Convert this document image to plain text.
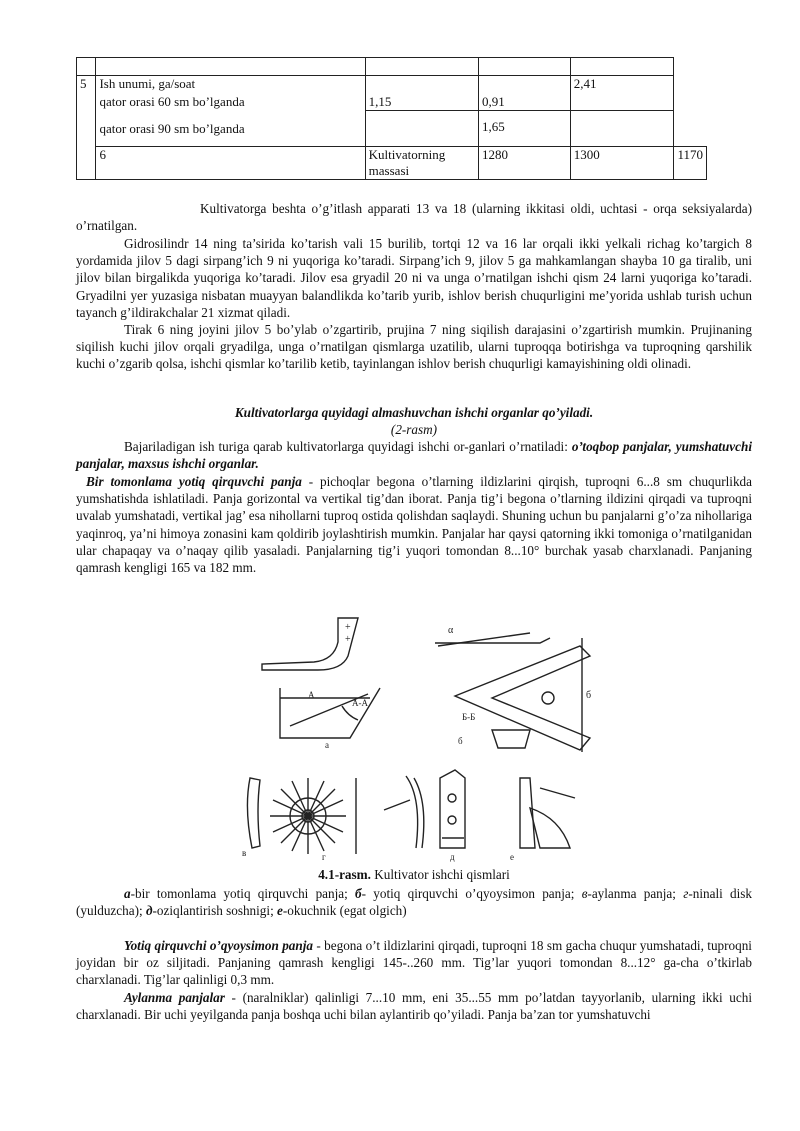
5	Ish unumi, ga/soat
qator orasi 60 sm bo’lganda	1,15	0,91	2,41	
	qator orasi 90 sm bo’lganda		1,65		
	6	Kultivatorning massasi	1280	1300	1170
Kultivatorga beshta o’g’itlash apparati 13 va 18 (ularning ikkitasi oldi, uchtasi - orqa seksiyalarda) o’rnatilgan.
Gidrosilindr 14 ning ta’sirida ko’tarish vali 15 burilib, tortqi 12 va 16 lar orqali ikki yelkali richag ko’targich 8 yordamida jilov 5 dagi sirpang’ich 9 ni yuqoriga ko’taradi. Sirpang’ich 9, jilov 5 ga mahkamlangan shayba 10 ga tiralib, uni jilov bilan birgalikda yuqoriga ko’taradi. Jilov esa gryadil 20 ni va unga o’rnatilgan ishchi qism 24 larni yuqoriga ko’taradi. Gryadilni yer yuzasiga nisbatan muayyan balandlikda ko’tarib yurib, ishlov berish chuqurligini me’yorida ushlab turish uchun tayanch g’ildirakchalar 21 xizmat qiladi.
Tirak 6 ning joyini jilov 5 bo’ylab o’zgartirib, prujina 7 ning siqilish darajasini o’zgartirish mumkin. Prujinaning siqilish kuchi jilov orqali gryadilga, unga o’rnatilgan qismlarga uzatilib, ularni tuproqqa botirishga va tuproqning qarshilik kuchi o’zgarib qolsa, ishchi qismlar ko’tarilib ketib, tayinlangan ishlov berish chuqurligi kamayishining oldi olinadi.
Kultivatorlarga quyidagi almashuvchan ishchi organlar qo’yiladi.
(2-rasm)
Bajariladigan ish turiga qarab kultivatorlarga quyidagi ishchi or-ganlari o’rnatiladi: o’toqbop panjalar, yumshatuvchi panjalar, maxsus ishchi organlar.
Bir tomonlama yotiq qirquvchi panja - pichoqlar begona o’tlarning ildizlarini qirqish, tuproqni 6...8 sm chuqurlikda yumshatishda ishlatiladi. Panja gorizontal va vertikal tig’dan iborat. Panja tig’i begona o’tlarning ildizini qirqadi va tuproqni uvalab yumshatadi, vertikal jag’ esa nihollarni tuproq ostida qolishdan saqlaydi. Shuning uchun bu panjalarni g’o’za nihollariga yaqinroq, ya’ni himoya zonasini kam qoldirib joylashtirish mumkin. Panjalar har qaysi qatorning ikki tomoniga o’rnatilganidan ular chapaqay va o’naqay qilib yasaladi. Panjalarning tig’i yuqori tomondan 8...10° burchak yasab charxlanadi. Panjaning qamrash kengligi 165 va 182 mm.
+
+
A
A-A
a
α
б
Б-Б
б
в	г	д	е
4.1-rasm. Kultivator ishchi qismlari
a-bir tomonlama yotiq qirquvchi panja; б- yotiq qirquvchi o’qyoysimon panja; в-aylanma panja; г-ninali disk (yulduzcha); д-oziqlantirish soshnigi; е-okuchnik (egat olgich)
Yotiq qirquvchi o’qyoysimon panja - begona o’t ildizlarini qirqadi, tuproqni 18 sm gacha chuqur yumshatadi, tuproqni joyidan bir oz siljitadi. Panjaning qamrash kengligi 145-..260 mm. Tig’lar yuqori tomondan 8...12° ga-cha o’tkirlab charxlanadi. Tig’lar qalinligi 0,3 mm.
Aylanma panjalar - (naralniklar) qalinligi 7...10 mm, eni 35...55 mm po’latdan tayyorlanib, ularning ikki uchi charxlanadi. Bir uchi yeyilganda panja boshqa uchi bilan aylantirib qo’yiladi. Panja ba’zan tor yumshatuvchi
